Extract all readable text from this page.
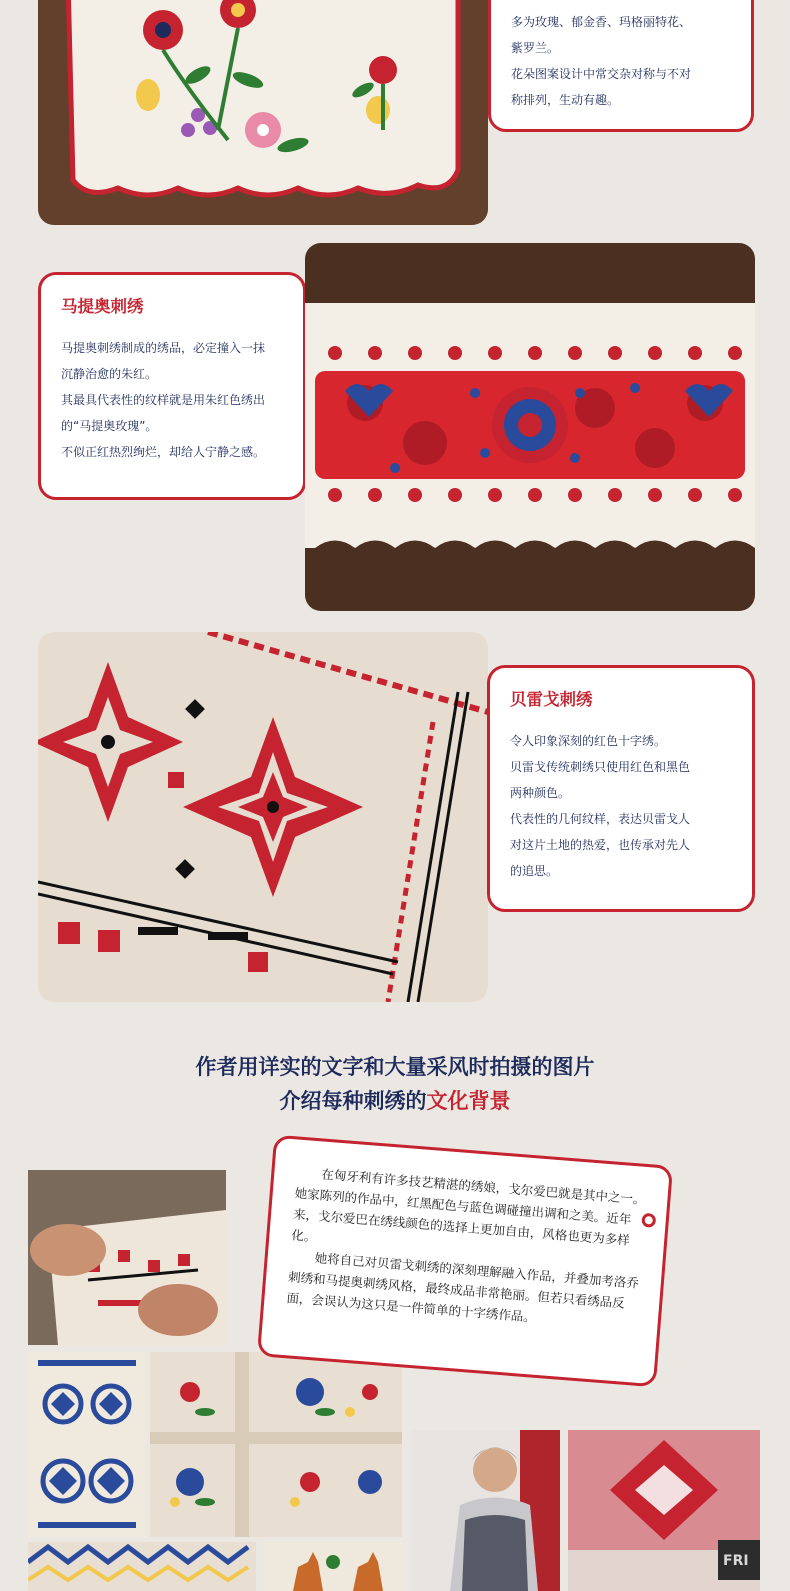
多为玫瑰、郁金香、玛格丽特花、
紫罗兰。
花朵图案设计中常交杂对称与不对
称排列，生动有趣。
马提奥刺绣
马提奥刺绣制成的绣品，必定撞入一抹
沉静治愈的朱红。
其最具代表性的纹样就是用朱红色绣出
的“马提奥玫瑰”。
不似正红热烈绚烂，却给人宁静之感。
贝雷戈刺绣
令人印象深刻的红色十字绣。
贝雷戈传统刺绣只使用红色和黑色
两种颜色。
代表性的几何纹样，表达贝雷戈人
对这片土地的热爱，也传承对先人
的追思。
作者用详实的文字和大量采风时拍摄的图片
介绍每种刺绣的文化背景
FRI

在匈牙利有许多技艺精湛的绣娘，戈尔爱巴就是其中之一。她家陈列的作品中，红黑配色与蓝色调碰撞出调和之美。近年来，戈尔爱巴在绣线颜色的选择上更加自由，风格也更为多样化。

她将自己对贝雷戈刺绣的深刻理解融入作品，并叠加考洛乔刺绣和马提奥刺绣风格，最终成品非常艳丽。但若只看绣品反面，会误认为这只是一件简单的十字绣作品。
